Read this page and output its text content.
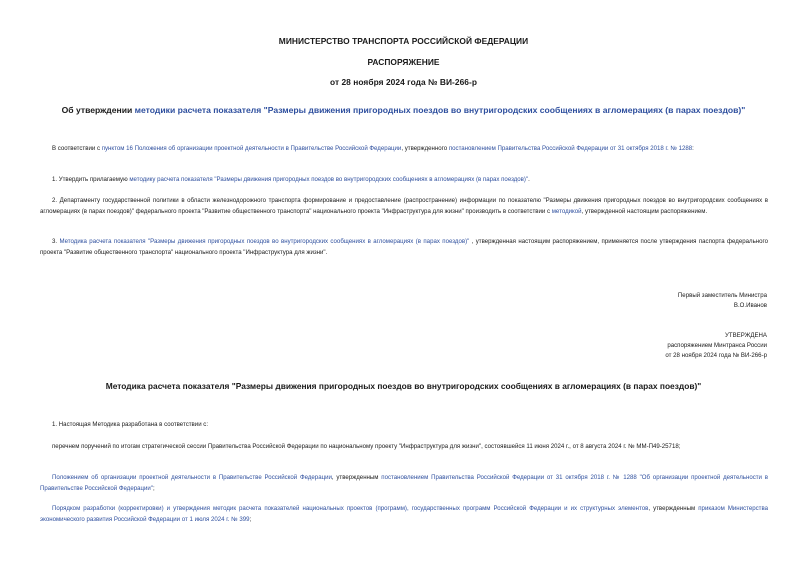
МИНИСТЕРСТВО ТРАНСПОРТА РОССИЙСКОЙ ФЕДЕРАЦИИ
РАСПОРЯЖЕНИЕ
от 28 ноября 2024 года № ВИ-266-р
Об утверждении методики расчета показателя "Размеры движения пригородных поездов во внутригородских сообщениях в агломерациях (в парах поездов)"
В соответствии с пунктом 16 Положения об организации проектной деятельности в Правительстве Российской Федерации, утвержденного постановлением Правительства Российской Федерации от 31 октября 2018 г. № 1288:
1. Утвердить прилагаемую методику расчета показателя "Размеры движения пригородных поездов во внутригородских сообщениях в агломерациях (в парах поездов)".
2. Департаменту государственной политики в области железнодорожного транспорта формирование и предоставление (распространение) информации по показателю "Размеры движения пригородных поездов во внутригородских сообщениях в агломерациях (в парах поездов)" федерального проекта "Развитие общественного транспорта" национального проекта "Инфраструктура для жизни" производить в соответствии с методикой, утвержденной настоящим распоряжением.
3. Методика расчета показателя "Размеры движения пригородных поездов во внутригородских сообщениях в агломерациях (в парах поездов)" , утвержденная настоящим распоряжением, применяется после утверждения паспорта федерального проекта "Развитие общественного транспорта" национального проекта "Инфраструктура для жизни".
Первый заместитель Министра
В.О.Иванов
УТВЕРЖДЕНА
распоряжением Минтранса России
от 28 ноября 2024 года № ВИ-266-р
Методика расчета показателя "Размеры движения пригородных поездов во внутригородских сообщениях в агломерациях (в парах поездов)"
1. Настоящая Методика разработана в соответствии с:
перечнем поручений по итогам стратегической сессии Правительства Российской Федерации по национальному проекту "Инфраструктура для жизни", состоявшейся 11 июня 2024 г., от 8 августа 2024 г. № ММ-П49-25718;
Положением об организации проектной деятельности в Правительстве Российской Федерации, утвержденным постановлением Правительства Российской Федерации от 31 октября 2018 г. № 1288 "Об организации проектной деятельности в Правительстве Российской Федерации";
Порядком разработки (корректировки) и утверждения методик расчета показателей национальных проектов (программ), государственных программ Российской Федерации и их структурных элементов, утвержденным приказом Министерства экономического развития Российской Федерации от 1 июля 2024 г. № 399;
